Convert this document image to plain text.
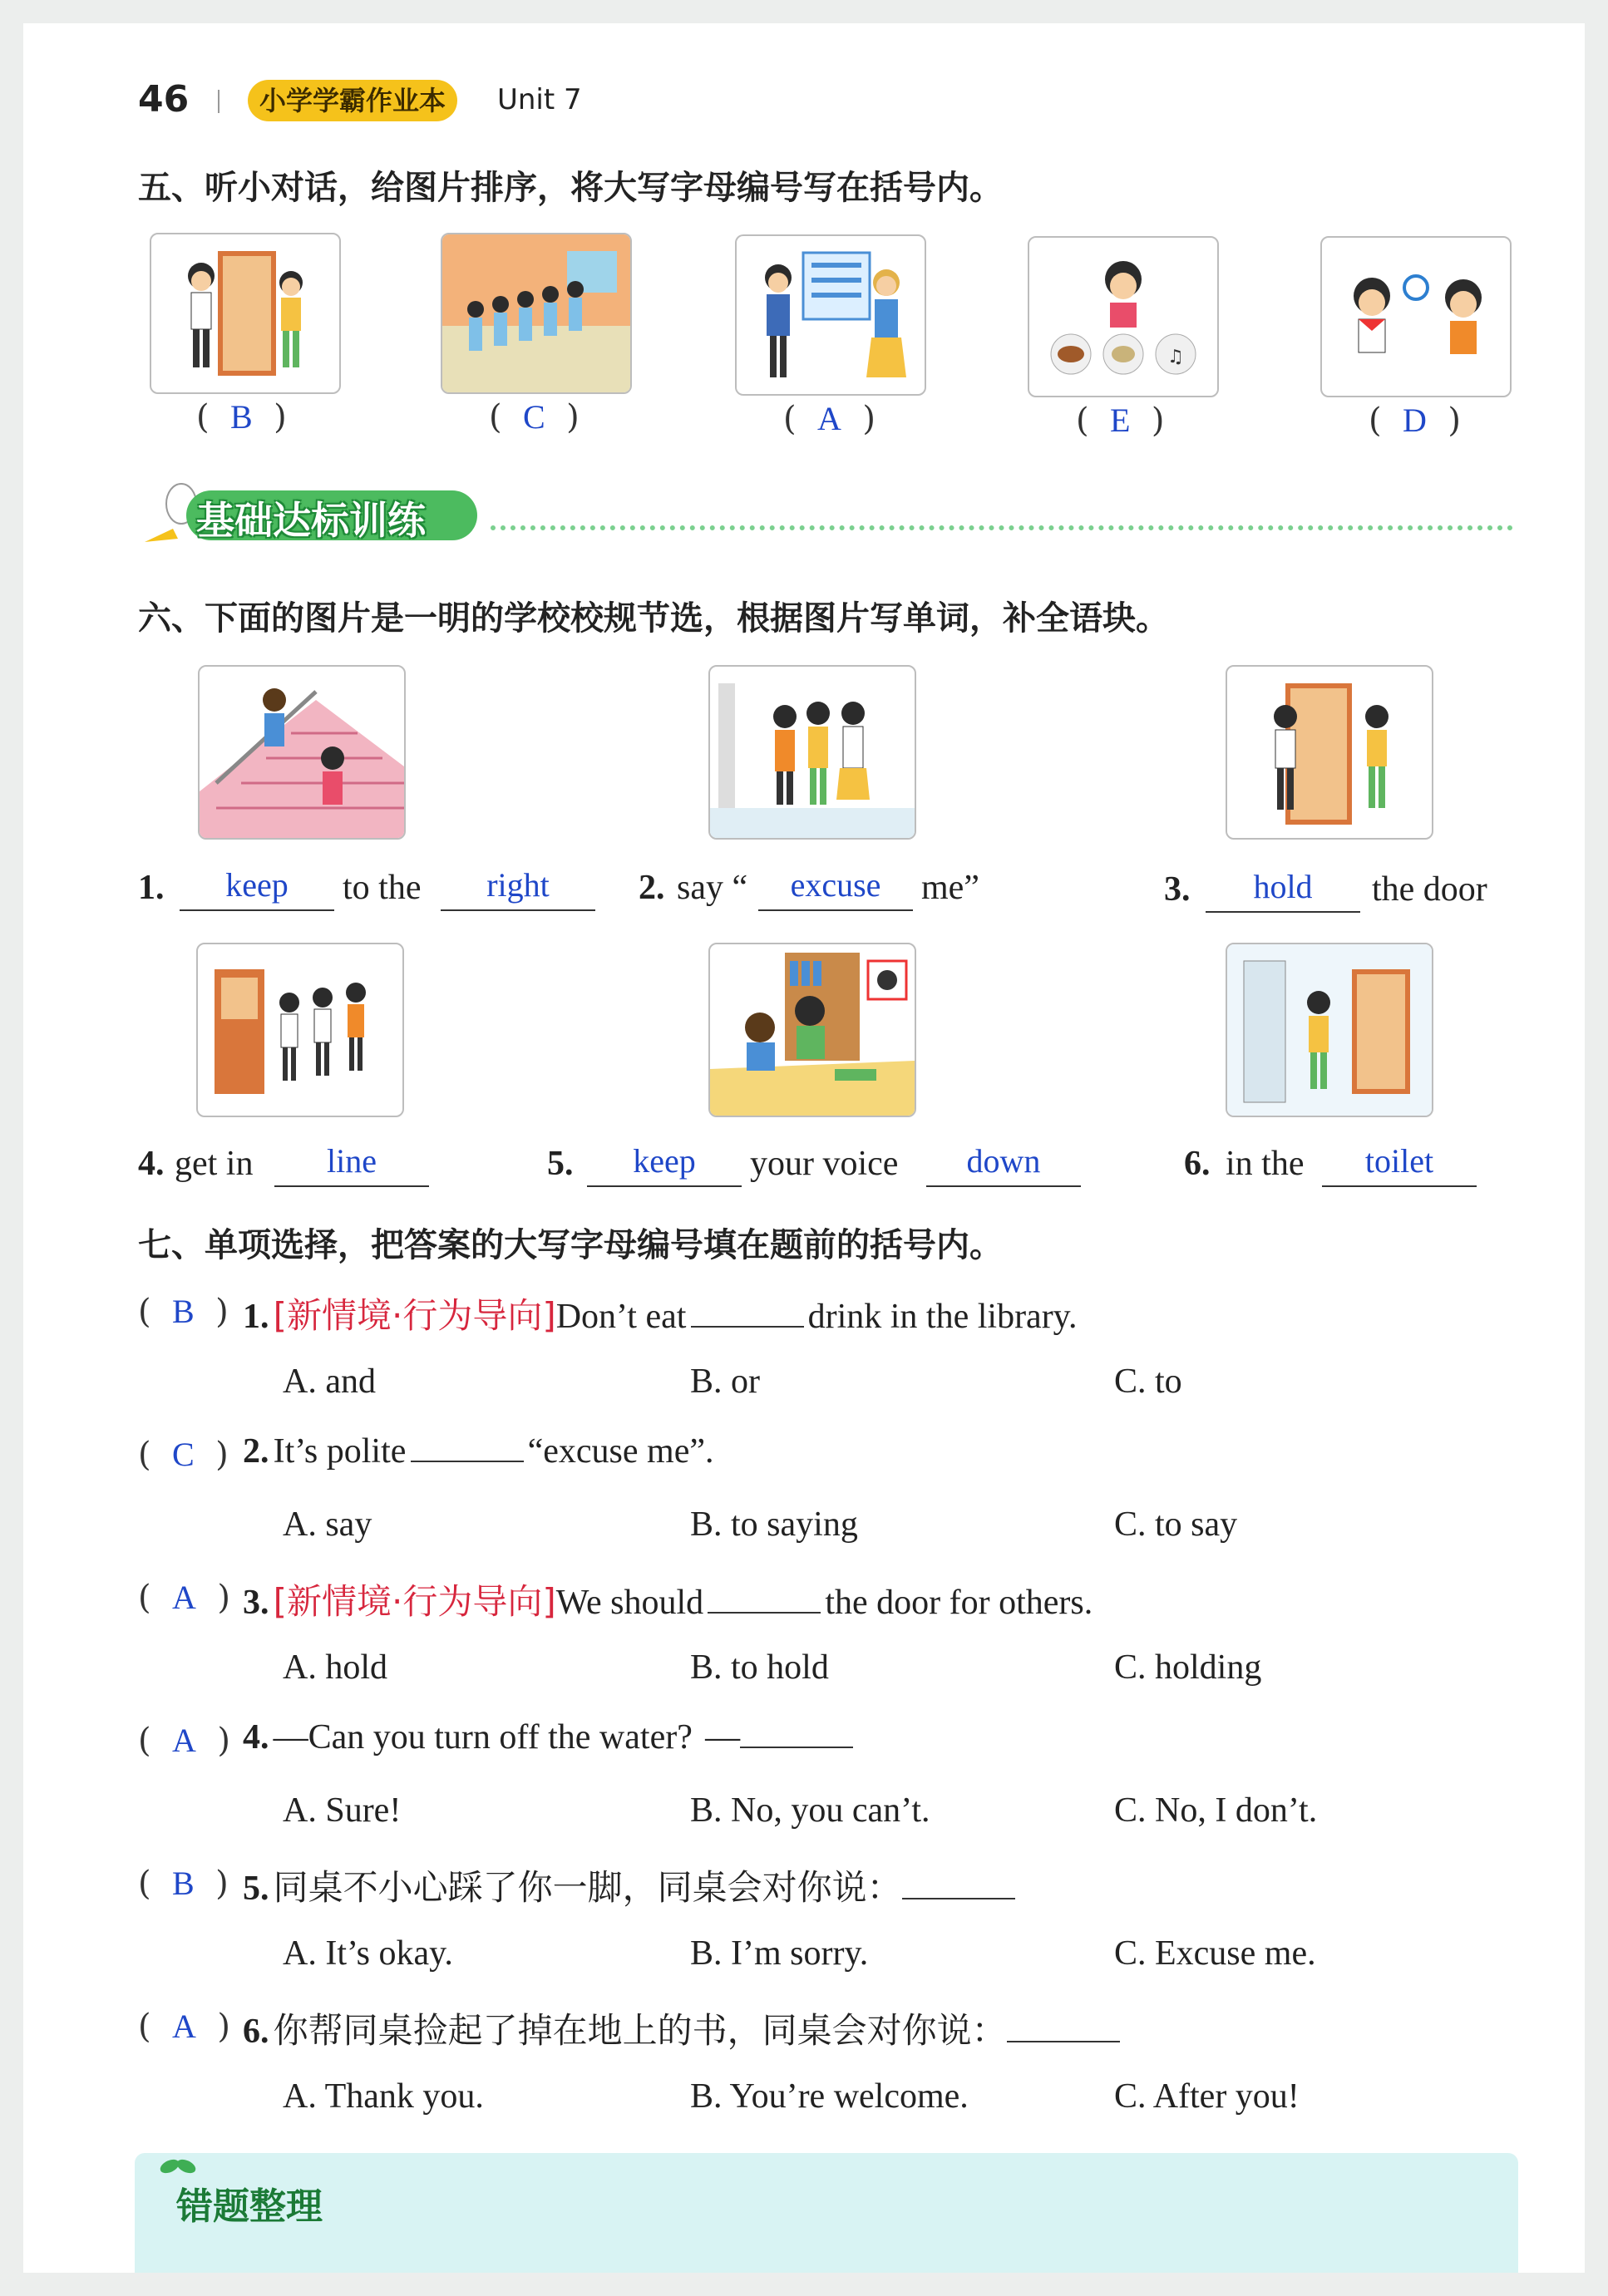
46	小学学霸作业本	Unit 7
五、听小对话，给图片排序，将大写字母编号写在括号内。
♫
(  B  )	(  C  )	(  A  )	(  E  )	(  D  )
基础达标训练
六、下面的图片是一明的学校校规节选，根据图片写单词，补全语块。
1.	keep	to the	right	2. say “	excuse	me”	3.	hold	the door
4. get in	line	5.	keep	your voice	down	6. in the	toilet
七、单项选择，把答案的大写字母编号填在题前的括号内。
(  B  ) 1. [新情境·行为导向]Don’t eat	drink in the library.
A. and	B. or	C. to
(  C  ) 2. It’s polite	“excuse me”.
A. say	B. to saying	C. to say
(  A  ) 3. [新情境·行为导向]We should	the door for others.
A. hold	B. to hold	C. holding
(  A  ) 4. —Can you turn off the water? —
A. Sure!	B. No, you can’t.	C. No, I don’t.
(  B  ) 5. 同桌不小心踩了你一脚，同桌会对你说：
A. It’s okay.	B. I’m sorry.	C. Excuse me.
(  A  ) 6. 你帮同桌捡起了掉在地上的书，同桌会对你说：
A. Thank you.	B. You’re welcome.	C. After you!
错题整理
